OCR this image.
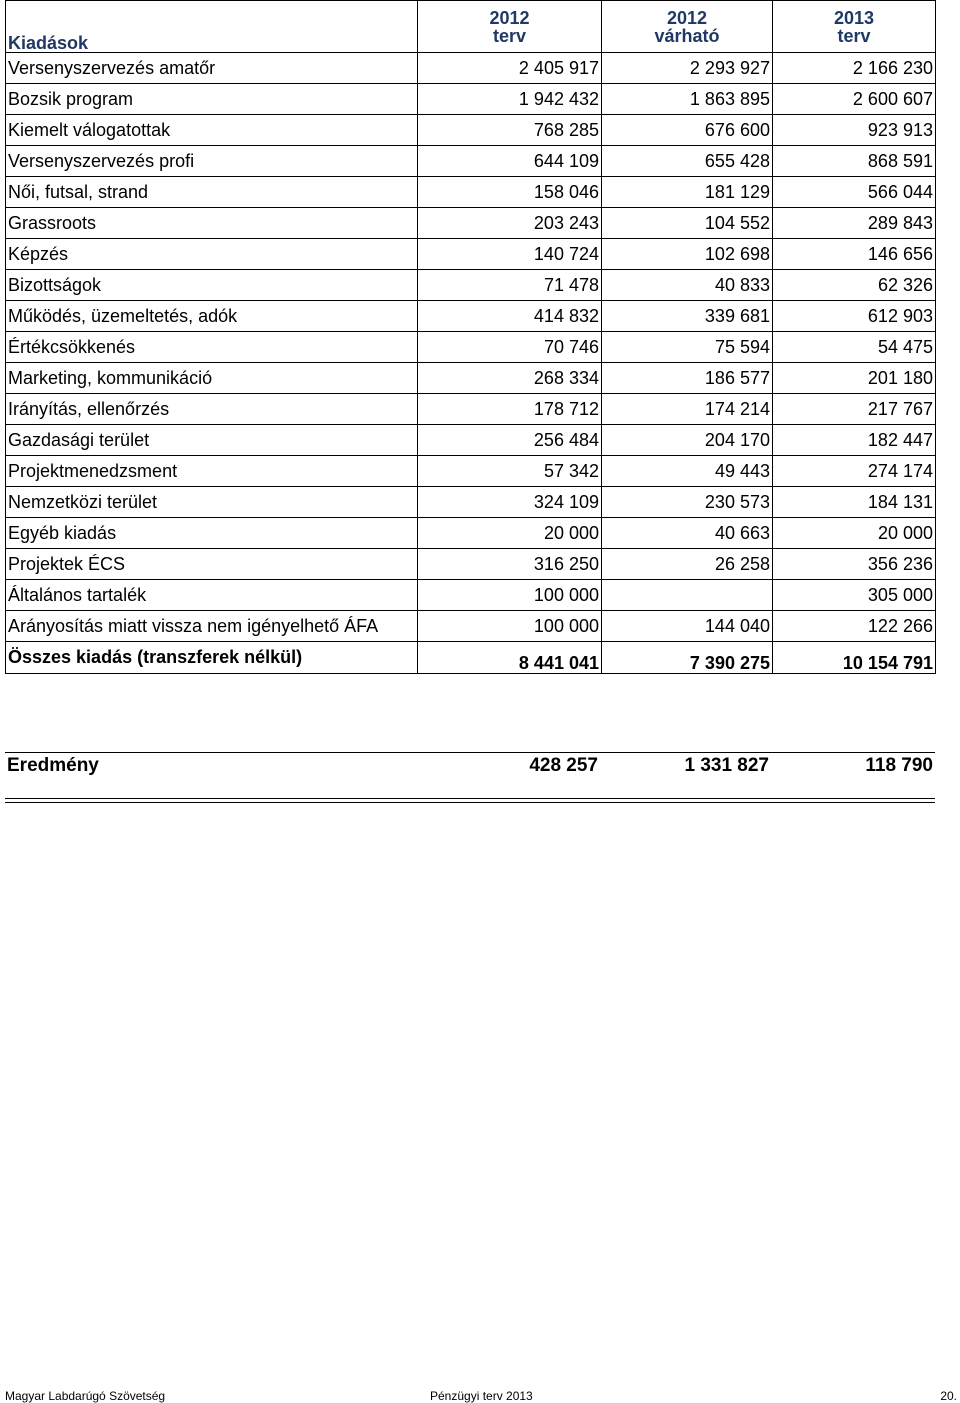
Kiadások	2012	2012	2013
	terv	várható	terv
Versenyszervezés amatőr	2 405 917	2 293 927	2 166 230
Bozsik program	1 942 432	1 863 895	2 600 607
Kiemelt válogatottak	768 285	676 600	923 913
Versenyszervezés profi	644 109	655 428	868 591
Női, futsal, strand	158 046	181 129	566 044
Grassroots	203 243	104 552	289 843
Képzés	140 724	102 698	146 656
Bizottságok	71 478	40 833	62 326
Működés, üzemeltetés, adók	414 832	339 681	612 903
Értékcsökkenés	70 746	75 594	54 475
Marketing, kommunikáció	268 334	186 577	201 180
Irányítás, ellenőrzés	178 712	174 214	217 767
Gazdasági terület	256 484	204 170	182 447
Projektmenedzsment	57 342	49 443	274 174
Nemzetközi terület	324 109	230 573	184 131
Egyéb kiadás	20 000	40 663	20 000
Projektek ÉCS	316 250	26 258	356 236
Általános tartalék	100 000		305 000
Arányosítás miatt vissza nem igényelhető ÁFA	100 000	144 040	122 266
Összes kiadás (transzferek nélkül)	8 441 041	7 390 275	10 154 791
Eredmény	428 257	1 331 827	118 790
Magyar Labdarúgó Szövetség	Pénzügyi terv 2013	20.
